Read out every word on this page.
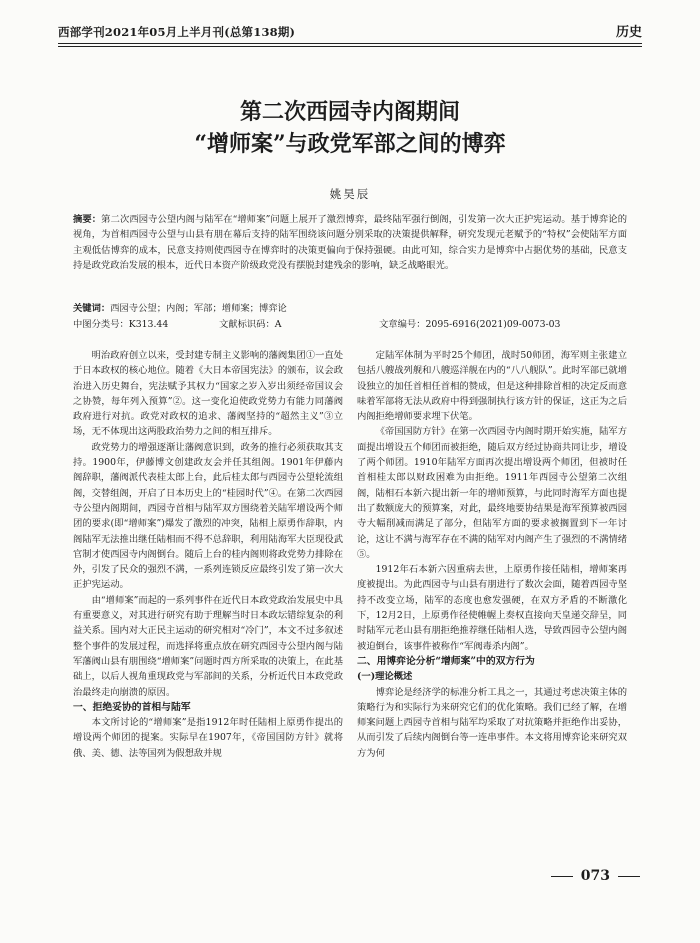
西部学刊2021年05月上半月刊(总第138期)	历史
第二次西园寺内阁期间
“增师案”与政党军部之间的博弈
姚昊辰
摘要：第二次西园寺公望内阁与陆军在“增师案”问题上展开了激烈博弈，最终陆军强行倒阁，引发第一次大正护宪运动。基于博弈论的视角，为首相西园寺公望与山县有朋在幕后支持的陆军围绕该问题分别采取的决策提供解释，研究发现元老赋予的“特权”会使陆军方面主观低估博弈的成本，民意支持则使西园寺在博弈时的决策更偏向于保持强硬。由此可知，综合实力是博弈中占据优势的基础，民意支持是政党政治发展的根本，近代日本资产阶级政党没有摆脱封建残余的影响，缺乏战略眼光。
关键词：西园寺公望；内阁；军部；增师案；博弈论
中图分类号：K313.44	文献标识码：A	文章编号：2095-6916(2021)09-0073-03

明治政府创立以来，受封建专制主义影响的藩阀集团①一直处于日本政权的核心地位。随着《大日本帝国宪法》的颁布，议会政治进入历史舞台，宪法赋予其权力“国家之岁入岁出须经帝国议会之协赞，每年列入预算”②。这一变化迫使政党势力有能力同藩阀政府进行对抗。政党对政权的追求、藩阀坚持的“超然主义”③立场，无不体现出这两股政治势力之间的相互排斥。

政党势力的增强逐渐让藩阀意识到，政务的推行必须获取其支持。1900年，伊藤博文创建政友会并任其组阁。1901年伊藤内阁辞职，藩阀派代表桂太郎上台，此后桂太郎与西园寺公望轮流组阁，交替组阁，开启了日本历史上的“桂园时代”④。在第二次西园寺公望内阁期间，西园寺首相与陆军双方围绕着关陆军增设两个师团的要求(即“增师案”)爆发了激烈的冲突，陆相上原勇作辞职，内阁陆军无法推出继任陆相而不得不总辞职，利用陆海军大臣现役武官制才使西园寺内阁倒台。随后上台的桂内阁则将政党势力排除在外，引发了民众的强烈不满，一系列连锁反应最终引发了第一次大正护宪运动。

由“增师案”而起的一系列事件在近代日本政党政治发展史中具有重要意义，对其进行研究有助于理解当时日本政坛错综复杂的利益关系。国内对大正民主运动的研究相对“冷门”，本文不过多叙述整个事件的发展过程，而选择将重点放在研究西园寺公望内阁与陆军藩阀山县有朋围绕“增师案”问题时西方所采取的决策上，在此基础上，以后人视角重现政党与军部间的关系，分析近代日本政党政治最终走向崩溃的原因。

一、拒绝妥协的首相与陆军

本文所讨论的“增师案”是指1912年时任陆相上原勇作提出的增设两个师团的提案。实际早在1907年，《帝国国防方针》就将俄、美、德、法等国列为假想敌并规

定陆军体制为平时25个师团，战时50师团，海军则主张建立包括八艘战列舰和八艘巡洋舰在内的“八八舰队”。此时军部已就增设独立的加任首相任首相的赞成，但是这种排除首相的决定反而意味着军部将无法从政府中得到强制执行该方针的保证，这正为之后内阁拒绝增师要求埋下伏笔。

《帝国国防方针》在第一次西园寺内阁时期开始实施，陆军方面提出增设五个师团而被拒绝，随后双方经过协商共同让步，增设了两个师团。1910年陆军方面再次提出增设两个师团，但被时任首相桂太郎以财政困难为由拒绝。1911年西园寺公望第二次组阁，陆相石本新六提出新一年的增师预算，与此同时海军方面也提出了数额庞大的预算案，对此，最终地要协结果是海军预算被西园寺大幅削减而满足了部分，但陆军方面的要求被搁置到下一年讨论，这让不满与海军存在不满的陆军对内阁产生了强烈的不满情绪⑤。

1912年石本新六因重病去世，上原勇作接任陆相，增师案再度被提出。为此西园寺与山县有朋进行了数次会面，随着西园寺坚持不改变立场，陆军的态度也愈发强硬，在双方矛盾的不断激化下，12月2日，上原勇作径使帷幄上奏权直接向天皇递交辞呈，同时陆军元老山县有朋拒绝推荐继任陆相人选，导致西园寺公望内阁被迫倒台，该事件被称作“军阀毒杀内阁”。

二、用博弈论分析“增师案”中的双方行为
(一)理论概述

博弈论是经济学的标准分析工具之一，其通过考虑决策主体的策略行为和实际行为来研究它们的优化策略。我们已经了解，在增师案问题上西园寺首相与陆军均采取了对抗策略并拒绝作出妥协，从而引发了后续内阁倒台等一连串事件。本文将用博弈论来研究双方为何

073
